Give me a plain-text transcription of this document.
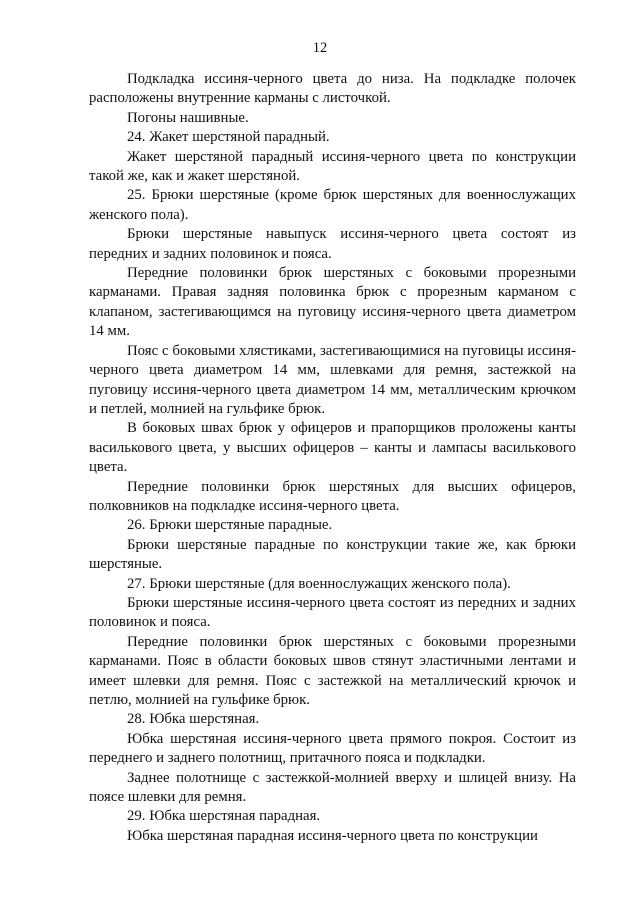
12

Подкладка иссиня-черного цвета до низа. На подкладке полочек расположены внутренние карманы с листочкой.

Погоны нашивные.

24. Жакет шерстяной парадный.

Жакет шерстяной парадный иссиня-черного цвета по конструкции такой же, как и жакет шерстяной.

25. Брюки шерстяные (кроме брюк шерстяных для военнослужащих женского пола).

Брюки шерстяные навыпуск иссиня-черного цвета состоят из передних и задних половинок и пояса.

Передние половинки брюк шерстяных с боковыми прорезными карманами. Правая задняя половинка брюк с прорезным карманом с клапаном, застегивающимся на пуговицу иссиня-черного цвета диаметром 14 мм.

Пояс с боковыми хлястиками, застегивающимися на пуговицы иссиня-черного цвета диаметром 14 мм, шлевками для ремня, застежкой на пуговицу иссиня-черного цвета диаметром 14 мм, металлическим крючком и петлей, молнией на гульфике брюк.

В боковых швах брюк у офицеров и прапорщиков проложены канты василькового цвета, у высших офицеров – канты и лампасы василькового цвета.

Передние половинки брюк шерстяных для высших офицеров, полковников на подкладке иссиня-черного цвета.

26. Брюки шерстяные парадные.

Брюки шерстяные парадные по конструкции такие же, как брюки шерстяные.

27. Брюки шерстяные (для военнослужащих женского пола).

Брюки шерстяные иссиня-черного цвета состоят из передних и задних половинок и пояса.

Передние половинки брюк шерстяных с боковыми прорезными карманами. Пояс в области боковых швов стянут эластичными лентами и имеет шлевки для ремня. Пояс с застежкой на металлический крючок и петлю, молнией на гульфике брюк.

28. Юбка шерстяная.

Юбка шерстяная иссиня-черного цвета прямого покроя. Состоит из переднего и заднего полотнищ, притачного пояса и подкладки.

Заднее полотнище с застежкой-молнией вверху и шлицей внизу. На поясе шлевки для ремня.

29. Юбка шерстяная парадная.

Юбка шерстяная парадная иссиня-черного цвета по конструкции
